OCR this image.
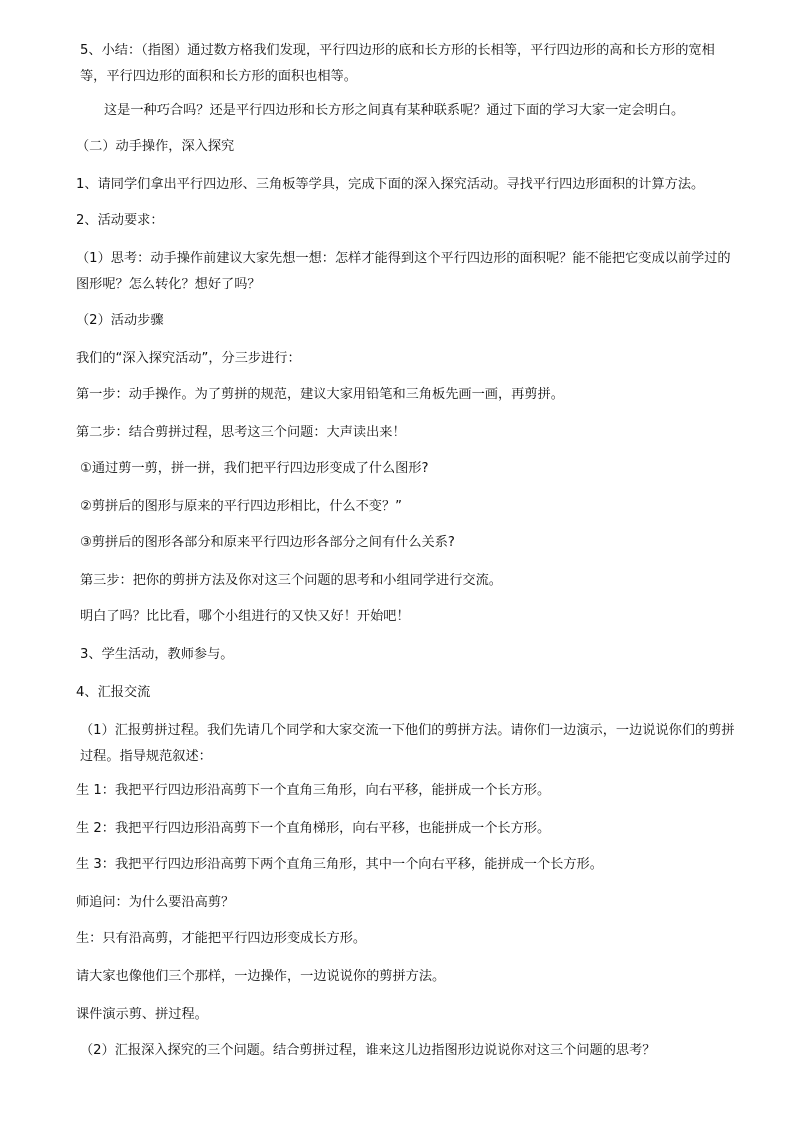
5、小结：（指图）通过数方格我们发现，平行四边形的底和长方形的长相等，平行四边形的高和长方形的宽相等，平行四边形的面积和长方形的面积也相等。

这是一种巧合吗？还是平行四边形和长方形之间真有某种联系呢？通过下面的学习大家一定会明白。

（二）动手操作，深入探究

1、请同学们拿出平行四边形、三角板等学具，完成下面的深入探究活动。寻找平行四边形面积的计算方法。

2、活动要求：

（1）思考：动手操作前建议大家先想一想：怎样才能得到这个平行四边形的面积呢？能不能把它变成以前学过的图形呢？怎么转化？想好了吗？

（2）活动步骤

我们的“深入探究活动”，分三步进行：

第一步：动手操作。为了剪拼的规范，建议大家用铅笔和三角板先画一画，再剪拼。

第二步：结合剪拼过程，思考这三个问题：大声读出来！

①通过剪一剪，拼一拼，我们把平行四边形变成了什么图形?

②剪拼后的图形与原来的平行四边形相比，什么不变？”

③剪拼后的图形各部分和原来平行四边形各部分之间有什么关系?

第三步：把你的剪拼方法及你对这三个问题的思考和小组同学进行交流。

明白了吗？比比看，哪个小组进行的又快又好！开始吧！

3、学生活动，教师参与。

4、汇报交流

（1）汇报剪拼过程。我们先请几个同学和大家交流一下他们的剪拼方法。请你们一边演示，一边说说你们的剪拼过程。指导规范叙述：

生 1：我把平行四边形沿高剪下一个直角三角形，向右平移，能拼成一个长方形。

生 2：我把平行四边形沿高剪下一个直角梯形，向右平移，也能拼成一个长方形。

生 3：我把平行四边形沿高剪下两个直角三角形，其中一个向右平移，能拼成一个长方形。

师追问：为什么要沿高剪？

生：只有沿高剪，才能把平行四边形变成长方形。

请大家也像他们三个那样，一边操作，一边说说你的剪拼方法。

课件演示剪、拼过程。

（2）汇报深入探究的三个问题。结合剪拼过程，谁来这儿边指图形边说说你对这三个问题的思考？
